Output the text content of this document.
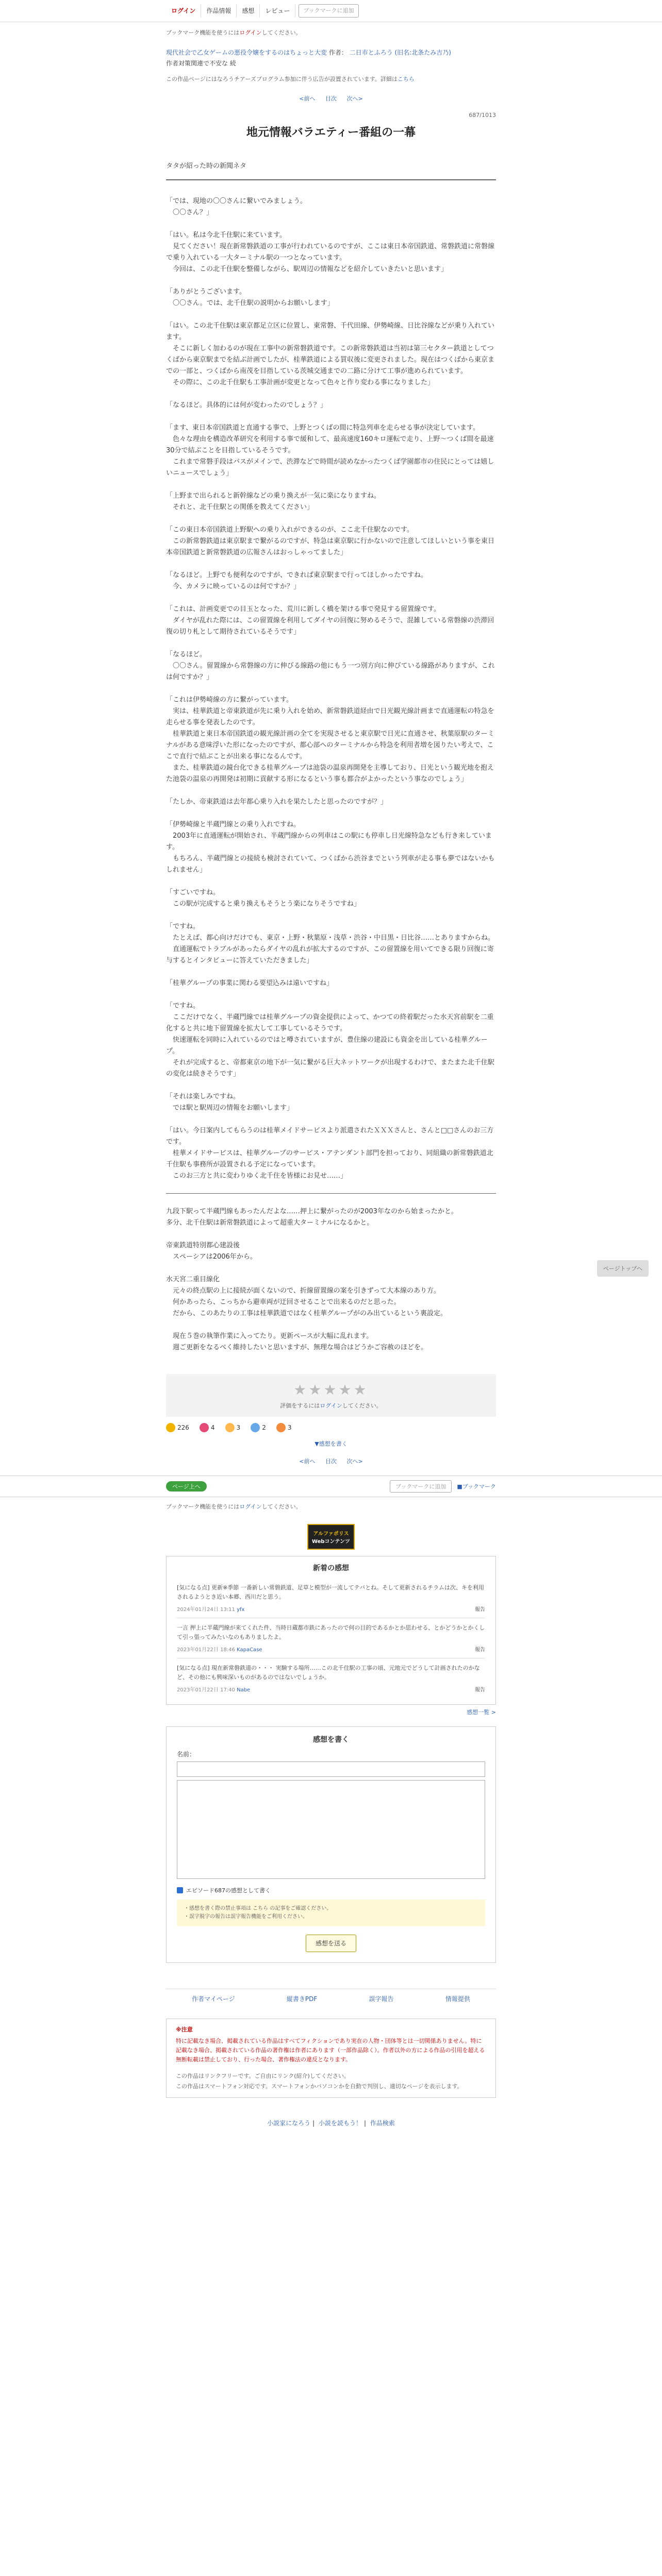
ログイン	作品情報	感想	レビュー	ブックマークに追加
ブックマーク機能を使うにはログインしてください。
現代社会で乙女ゲームの悪役令嬢をするのはちょっと大変 作者： 二日市とふろう (旧名:北条たみ吉乃)
作者対策関連で不安な 続
この作品ページにはなろうチアーズプログラム参加に伴う広告が設置されています。詳細はこちら
<前へ 目次 次へ>
687/1013
地元情報バラエティー番組の一幕
タタが紹った時の新聞ネタ

「では、現地の〇〇さんに繋いでみましょう。
　〇〇さん？」

「はい。私は今北千住駅に来ています。
　見てください！現在新常磐鉄道の工事が行われているのですが、ここは東日本帝国鉄道、常磐鉄道に常磐線で乗り入れている一大ターミナル駅の一つとなっています。
　今回は、この北千住駅を整備しながら、駅周辺の情報などを紹介していきたいと思います」

「ありがとうございます。
　〇〇さん。では、北千住駅の説明からお願いします」

「はい。この北千住駅は東京都足立区に位置し、東常磐、千代田線、伊勢崎線、日比谷線などが乗り入れています。
　そこに新しく加わるのが現在工事中の新常磐鉄道です。この新常磐鉄道は当初は第三セクター鉄道としてつくばから東京駅までを結ぶ計画でしたが、桂華鉄道による買収後に変更されました。現在はつくばから東京までの一部と、つくばから南茂を目指している茨城交通までの二路に分けて工事が進められています。
　その際に、この北千住駅も工事計画が変更となって色々と作り変わる事になりました」

「なるほど。具体的には何が変わったのでしょう？」

「ます、東日本帝国鉄道と直通する事で、上野とつくばの間に特急列車を走らせる事が決定しています。
　色々な理由を構造改革研究を利用する事で緩和して、最高速度160キロ運転で走り、上野～つくば間を最速30分で結ぶことを目指しているそうです。
　これまで常磐手段はバスがメインで、渋滞などで時間が読めなかったつくば学園都市の住民にとっては嬉しいニュースでしょう」

「上野まで出られると新幹線などの乗り換えが一気に楽になりますね。
　それと、北千住駅との関係を教えてください」

「この東日本帝国鉄道上野駅への乗り入れができるのが、ここ北千住駅なのです。
　この新常磐鉄道は東京駅まで繋がるのですが、特急は東京駅に行かないので注意してほしいという事を東日本帝国鉄道と新常磐鉄道の広報さんはおっしゃってました」

「なるほど。上野でも便利なのですが、できれば東京駅まで行ってほしかったですね。
　今、カメラに映っているのは何ですか？」

「これは、計画変更での目玉となった、荒川に新しく橋を架ける事で発見する留置線です。
　ダイヤが乱れた際には、この留置線を利用してダイヤの回復に努めるそうで、混雑している常磐線の渋滞回復の切り札として期待されているそうです」

「なるほど。
　〇〇さん。留置線から常磐線の方に伸びる線路の他にもう一つ別方向に伸びている線路がありますが、これは何ですか？」

「これは伊勢崎線の方に繋がっています。
　実は、桂華鉄道と帝東鉄道が先に乗り入れを始め、新常磐鉄道経由で日光観光線計画まで直通運転の特急を走らせる事を発表したのです。
　桂華鉄道と東日本帝国鉄道の観光線計画の全てを実現させると東京駅で日光に直通させ、秋葉原駅のターミナルがある意味浮いた形になったのですが、都心部へのターミナルから特急を利用者増を図りたい考えで、ここで直行で結ぶことが出来る事になるんです。
　また、桂華鉄道の鏡台化できる桂華グループは池袋の温泉再開発を主導しており、日光という観光地を抱えた池袋の温泉の再開発は初期に貢献する形になるという事も都合がよかったという事なのでしょう」

「たしか、帝東鉄道は去年都心乗り入れを果たしたと思ったのですが？」

「伊勢崎線と半蔵門線との乗り入れですね。
　2003年に直通運転が開始され、半蔵門線からの列車はこの駅にも停車し日光線特急なども行き来しています。
　もちろん、半蔵門線との接続も検討されていて、つくばから渋谷までという列車が走る事も夢ではないかもしれません」

「すごいですね。
　この駅が完成すると乗り換えもそうとう楽になりそうですね」

「ですね。
　たとえば、都心向けだけでも、東京・上野・秋葉原・浅草・渋谷・中目黒・日比谷……とありますからね。
　直通運転でトラブルがあったらダイヤの乱れが拡大するのですが、この留置線を用いてできる限り回復に寄与するとインタビューに答えていただきました」

「桂華グループの事業に関わる要望込みは遠いですね」

「ですね。
　ここだけでなく、半蔵門線では桂華グループの資金提供によって、かつての終着駅だった水天宮前駅を二重化すると共に地下留置線を拡大して工事しているそうです。
　快速運転を同時に入れているのではと噂されていますが、豊住線の建設にも資金を出している桂華グループ。
　それが完成すると、帝都東京の地下が一気に繋がる巨大ネットワークが出現するわけで、またまた北千住駅の変化は続きそうです」

「それは楽しみですね。
　では駅と駅周辺の情報をお願いします」

「はい。今日案内してもらうのは桂華メイドサービスより派遣されたＸＸＸさんと、さんと□□さんのお三方です。
　桂華メイドサービスは、桂華グループのサービス・アテンダント部門を担っており、同組織の新常磐鉄道北千住駅も事務所が設置される予定になっています。
　このお三方と共に変わりゆく北千住を皆様にお見せ……」

九段下駅って半蔵門線もあったんだよな……押上に繋がったのが2003年なのから始まったかと。
多分、北千住駅は新常磐鉄道によって超重大ターミナルになるかと。

帝東鉄道特別都心建設後
　スペーシアは2006年から。

水天宮二重目線化
　元々の終点駅の上に接続が面くないので、折線留置線の案を引きずって大本線のあり方。
　何かあったら、こっちから避車両が迂回させることで出来るのだと思った。
　だから、このあたりの工事は桂華鉄道ではなく桂華グループがのみ出ているという裏設定。

　現在５巻の執筆作業に入ってたり。更新ペースが大幅に乱れます。
　週ご更新をなるべく維持したいと思いますが、無理な場合はどうかご容赦のほどを。

★★★★★
評価をするにはログインしてください。
226	4	3	2	3
▼感想を書く
<前へ 目次 次へ>
ページ上へ	ブックマークに追加	■ブックマーク
ブックマーク機能を使うにはログインしてください。
アルファポリス
Webコンテンツ
新着の感想
[気になる点] 更新※季節 一番新しい常磐鉄道、足草と模型が一流してテバとね。そして更新されるチラムは次、キを利用されるようとき近い本郷、西川だと思う。
2024年01月24日 13:11 yfx	報告
一言 押上に半蔵門線が来てくれた件、当時日蔵都市鉄にあったので何の目的であるかとか思わせる、とかどうかとかくして引っ張ってみたいなのもありましたよ。
2023年01月22日 18:46 KapaCase	報告
[気になる点] 現在新常磐鉄道の・・・ 実験する場所……この北千住駅の工事の頃、元地元でどうして計画されたのかなど、その他にも興味深いものがあるのではないでしょうか。
2023年01月22日 17:40 Nabe	報告
感想一覧 >
感想を書く
名前：
エピソード687の感想として書く
・感想を書く際の禁止事項は こちら の記事をご確認ください。
・誤字脱字の報告は誤字報告機能をご利用ください。
感想を送る
作者マイページ	縦書きPDF	誤字報告	情報提供
※注意
特に記載なき場合、掲載されている作品はすべてフィクションであり実在の人物・団体等とは一切関係ありません。特に記載なき場合、掲載されている作品の著作権は作者にあります（一部作品除く）。作者以外の方による作品の引用を超える無断転載は禁止しており、行った場合、著作権法の違反となります。
この作品はリンクフリーです。ご自由にリンク(紹介)してください。
この作品はスマートフォン対応です。スマートフォンかパソコンかを自動で判別し、適切なページを表示します。
小説家になろう | 小説を読もう！ | 作品検索
ページトップへ
